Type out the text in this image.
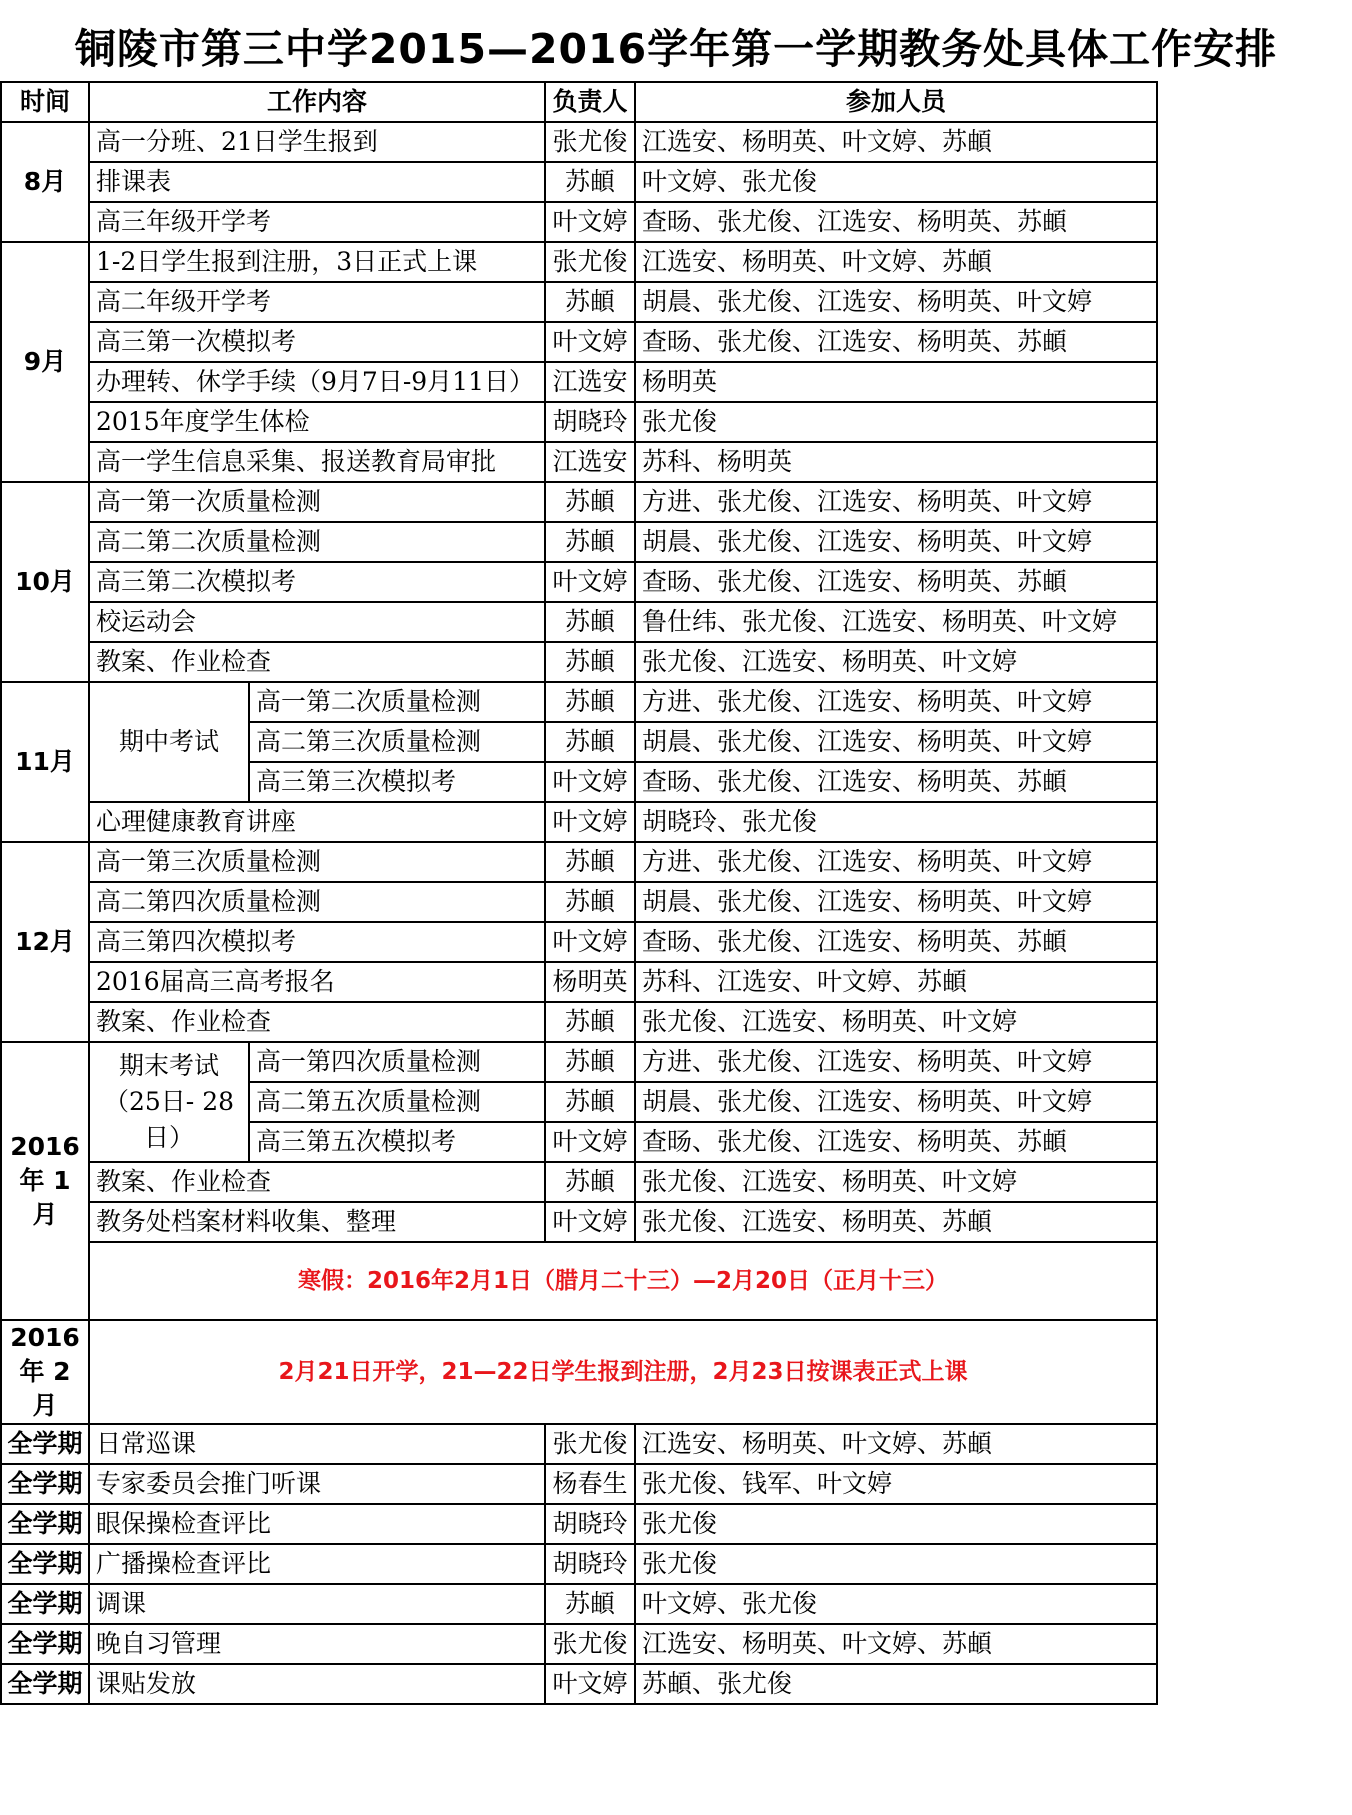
铜陵市第三中学2015—2016学年第一学期教务处具体工作安排
时间	工作内容		负责人	参加人员
8月	高一分班、21日学生报到		张尤俊	江选安、杨明英、叶文婷、苏頔
	排课表		苏頔	叶文婷、张尤俊
	高三年级开学考		叶文婷	查旸、张尤俊、江选安、杨明英、苏頔
9月	1-2日学生报到注册，3日正式上课		张尤俊	江选安、杨明英、叶文婷、苏頔
	高二年级开学考		苏頔	胡晨、张尤俊、江选安、杨明英、叶文婷
	高三第一次模拟考		叶文婷	查旸、张尤俊、江选安、杨明英、苏頔
	办理转、休学手续（9月7日-9月11日）		江选安	杨明英
	2015年度学生体检		胡晓玲	张尤俊
	高一学生信息采集、报送教育局审批		江选安	苏科、杨明英
10月	高一第一次质量检测		苏頔	方进、张尤俊、江选安、杨明英、叶文婷
	高二第二次质量检测		苏頔	胡晨、张尤俊、江选安、杨明英、叶文婷
	高三第二次模拟考		叶文婷	查旸、张尤俊、江选安、杨明英、苏頔
	校运动会		苏頔	鲁仕纬、张尤俊、江选安、杨明英、叶文婷
	教案、作业检查		苏頔	张尤俊、江选安、杨明英、叶文婷
11月	期中考试	高一第二次质量检测	苏頔	方进、张尤俊、江选安、杨明英、叶文婷
		高二第三次质量检测	苏頔	胡晨、张尤俊、江选安、杨明英、叶文婷
		高三第三次模拟考	叶文婷	查旸、张尤俊、江选安、杨明英、苏頔
	心理健康教育讲座		叶文婷	胡晓玲、张尤俊
12月	高一第三次质量检测		苏頔	方进、张尤俊、江选安、杨明英、叶文婷
	高二第四次质量检测		苏頔	胡晨、张尤俊、江选安、杨明英、叶文婷
	高三第四次模拟考		叶文婷	查旸、张尤俊、江选安、杨明英、苏頔
	2016届高三高考报名		杨明英	苏科、江选安、叶文婷、苏頔
	教案、作业检查		苏頔	张尤俊、江选安、杨明英、叶文婷
2016年 1月	期末考试 （25日- 28日）	高一第四次质量检测	苏頔	方进、张尤俊、江选安、杨明英、叶文婷
		高二第五次质量检测	苏頔	胡晨、张尤俊、江选安、杨明英、叶文婷
		高三第五次模拟考	叶文婷	查旸、张尤俊、江选安、杨明英、苏頔
	教案、作业检查		苏頔	张尤俊、江选安、杨明英、叶文婷
	教务处档案材料收集、整理		叶文婷	张尤俊、江选安、杨明英、苏頔
	寒假：2016年2月1日（腊月二十三）—2月20日（正月十三）			
2016年 2月	2月21日开学，21—22日学生报到注册，2月23日按课表正式上课			
全学期	日常巡课		张尤俊	江选安、杨明英、叶文婷、苏頔
全学期	专家委员会推门听课		杨春生	张尤俊、钱军、叶文婷
全学期	眼保操检查评比		胡晓玲	张尤俊
全学期	广播操检查评比		胡晓玲	张尤俊
全学期	调课		苏頔	叶文婷、张尤俊
全学期	晚自习管理		张尤俊	江选安、杨明英、叶文婷、苏頔
全学期	课贴发放		叶文婷	苏頔、张尤俊
